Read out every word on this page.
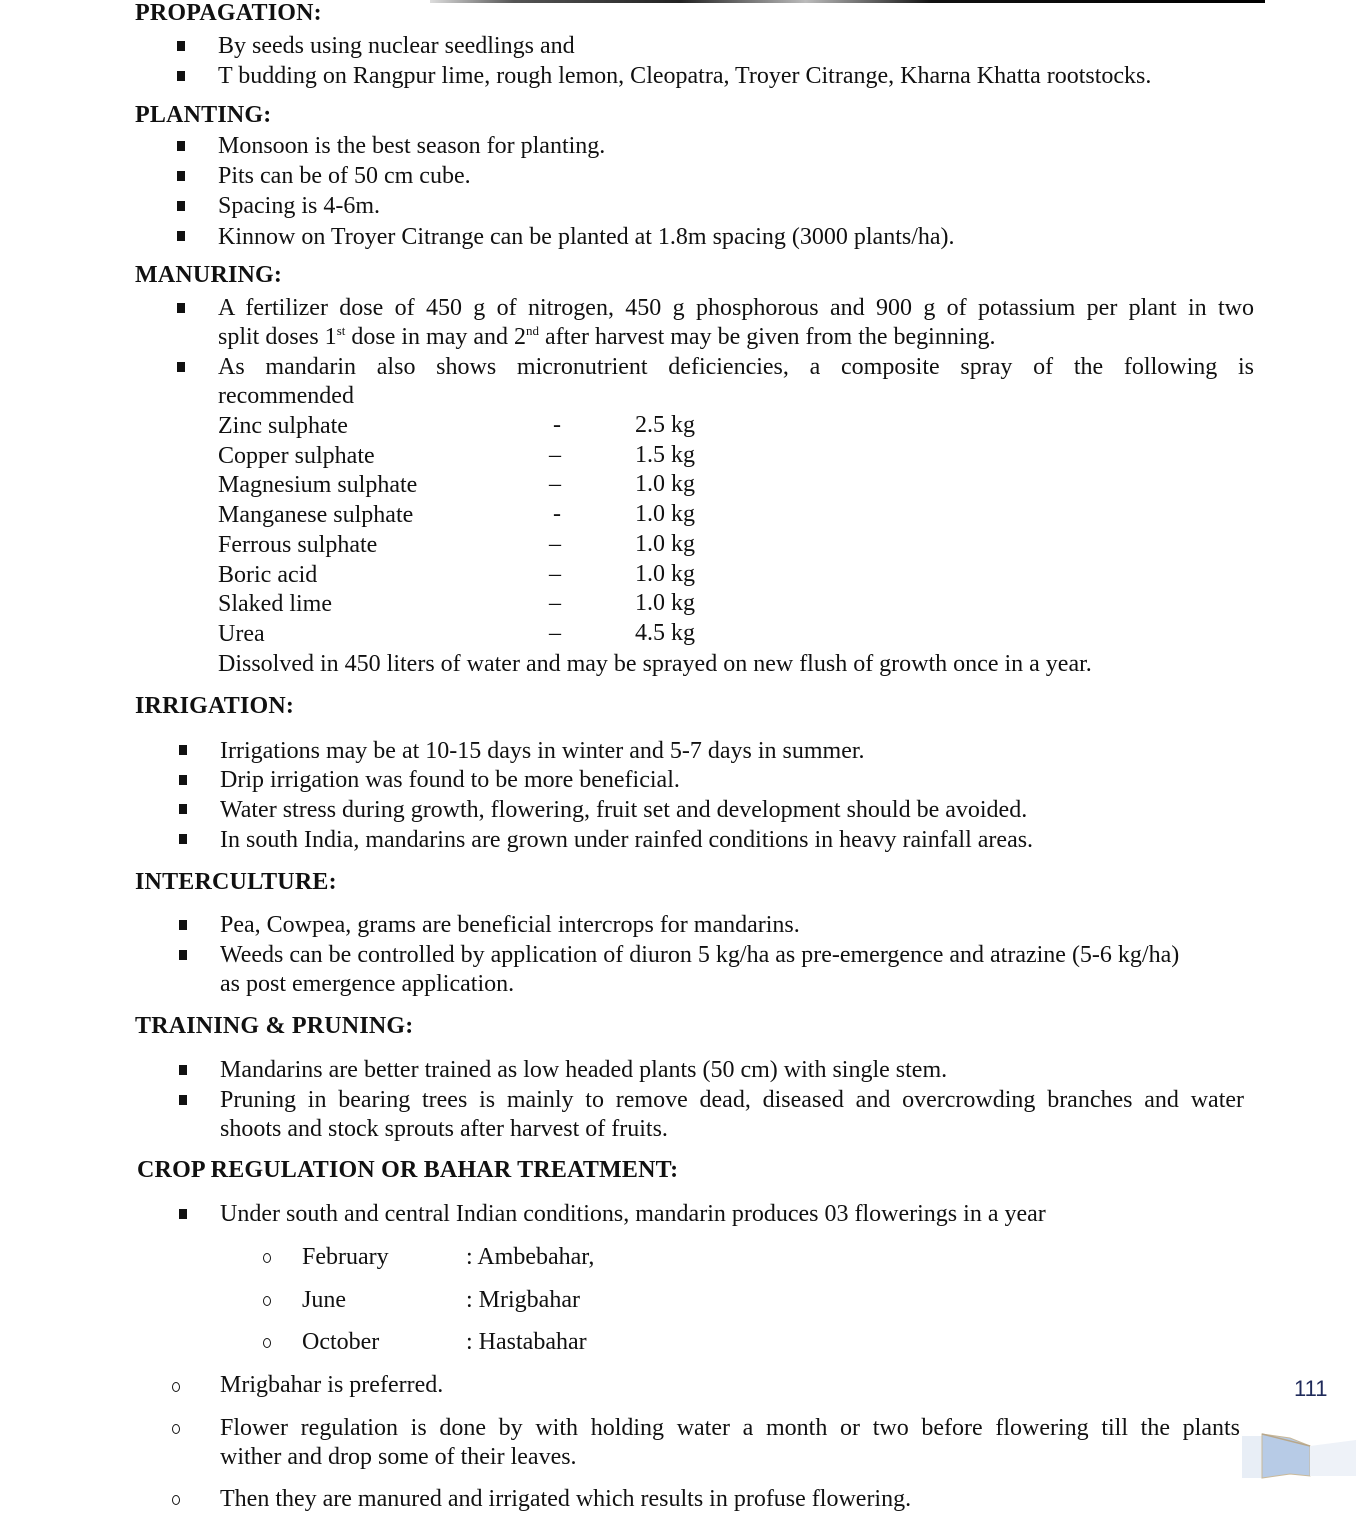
PROPAGATION:
By seeds using nuclear seedlings and
T budding on Rangpur lime, rough lemon, Cleopatra, Troyer Citrange, Kharna Khatta rootstocks.
PLANTING:
Monsoon is the best season for planting.
Pits can be of 50 cm cube.
Spacing is 4-6m.
Kinnow on Troyer Citrange can be planted at 1.8m spacing (3000 plants/ha).
MANURING:
A fertilizer dose of 450 g of nitrogen, 450 g phosphorous and 900 g of potassium per plant in two
split doses 1st dose in may and 2nd after harvest may be given from the beginning.
As mandarin also shows micronutrient deficiencies, a composite spray of the following is
recommended
Zinc sulphate	-	2.5 kg
Copper sulphate	–	1.5 kg
Magnesium sulphate	–	1.0 kg
Manganese sulphate	-	1.0 kg
Ferrous sulphate	–	1.0 kg
Boric acid	–	1.0 kg
Slaked lime	–	1.0 kg
Urea	–	4.5 kg
Dissolved in 450 liters of water and may be sprayed on new flush of growth once in a year.
IRRIGATION:
Irrigations may be at 10-15 days in winter and 5-7 days in summer.
Drip irrigation was found to be more beneficial.
Water stress during growth, flowering, fruit set and development should be avoided.
In south India, mandarins are grown under rainfed conditions in heavy rainfall areas.
INTERCULTURE:
Pea, Cowpea, grams are beneficial intercrops for mandarins.
Weeds can be controlled by application of diuron 5 kg/ha as pre-emergence and atrazine (5-6 kg/ha)
as post emergence application.
TRAINING & PRUNING:
Mandarins are better trained as low headed plants (50 cm) with single stem.
Pruning in bearing trees is mainly to remove dead, diseased and overcrowding branches and water
shoots and stock sprouts after harvest of fruits.
CROP REGULATION OR BAHAR TREATMENT:
Under south and central Indian conditions, mandarin produces 03 flowerings in a year
February	: Ambebahar,
June	: Mrigbahar
October	: Hastabahar
Mrigbahar is preferred.
Flower regulation is done by with holding water a month or two before flowering till the plants
wither and drop some of their leaves.
Then they are manured and irrigated which results in profuse flowering.
111
